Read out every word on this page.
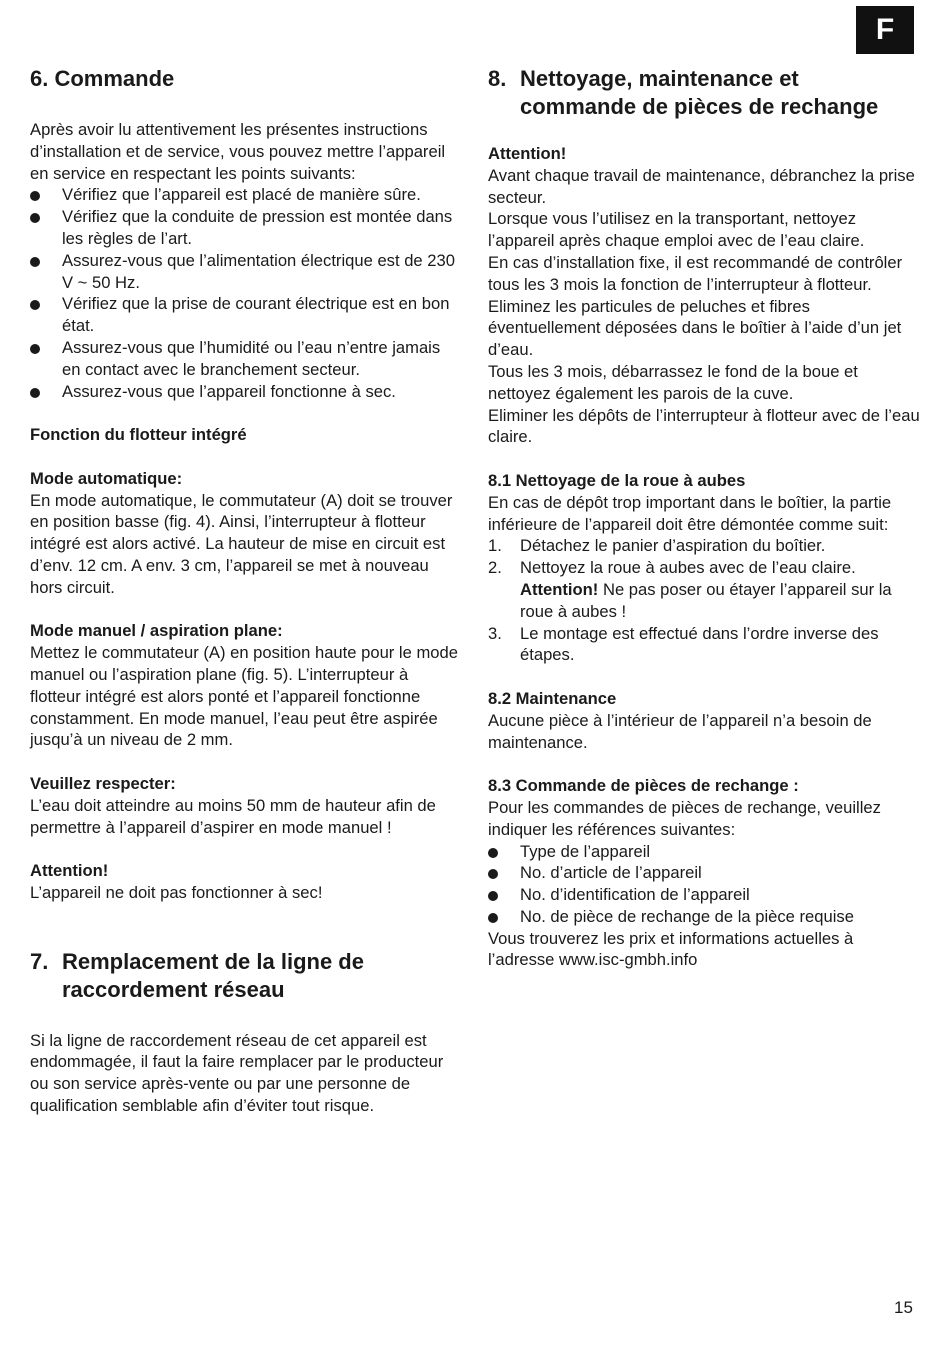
F
6. Commande

Après avoir lu attentivement les présentes instructions d’installation et de service, vous pouvez mettre l’appareil en service en respectant les points suivants:

Vérifiez que l’appareil est placé de manière sûre.
Vérifiez que la conduite de pression est montée dans les règles de l’art.
Assurez-vous que l’alimentation électrique est de 230 V ~ 50 Hz.
Vérifiez que la prise de courant électrique est en bon état.
Assurez-vous que l’humidité ou l’eau n’entre jamais en contact avec le branchement secteur.
Assurez-vous que l’appareil fonctionne à sec.

Fonction du flotteur intégré

Mode automatique:

En mode automatique, le commutateur (A) doit se trouver en position basse (fig. 4). Ainsi, l’interrupteur à flotteur intégré est alors activé. La hauteur de mise en circuit est d’env. 12 cm. A env. 3 cm, l’appareil se met à nouveau hors circuit.

Mode manuel / aspiration plane:

Mettez le commutateur (A) en position haute pour le mode manuel ou l’aspiration plane (fig. 5). L’interrupteur à flotteur intégré est alors ponté et l’appareil fonctionne constamment. En mode manuel, l’eau peut être aspirée jusqu’à un niveau de 2 mm.

Veuillez respecter:

L’eau doit atteindre au moins 50 mm de hauteur afin de permettre à l’appareil d’aspirer en mode manuel !

Attention!

L’appareil ne doit pas fonctionner à sec!

7. Remplacement de la ligne de raccordement réseau

Si la ligne de raccordement réseau de cet appareil est endommagée, il faut la faire remplacer par le producteur ou son service après-vente ou par une personne de qualification semblable afin d’éviter tout risque.

8. Nettoyage, maintenance et commande de pièces de rechange

Attention!

Avant chaque travail de maintenance, débranchez la prise secteur.

Lorsque vous l’utilisez en la transportant, nettoyez l’appareil après chaque emploi avec de l’eau claire.

En cas d’installation fixe, il est recommandé de contrôler tous les 3 mois la fonction de l’interrupteur à flotteur.

Eliminez les particules de peluches et fibres éventuellement déposées dans le boîtier à l’aide d’un jet d’eau.

Tous les 3 mois, débarrassez le fond de la boue et nettoyez également les parois de la cuve.

Eliminer les dépôts de l’interrupteur à flotteur avec de l’eau claire.

8.1 Nettoyage de la roue à aubes

En cas de dépôt trop important dans le boîtier, la partie inférieure de l’appareil doit être démontée comme suit:

1.	Détachez le panier d’aspiration du boîtier.
2.	Nettoyez la roue à aubes avec de l’eau claire.
Attention! Ne pas poser ou étayer l’appareil sur la roue à aubes !
3.	Le montage est effectué dans l’ordre inverse des étapes.

8.2 Maintenance

Aucune pièce à l’intérieur de l’appareil n’a besoin de maintenance.

8.3 Commande de pièces de rechange :

Pour les commandes de pièces de rechange, veuillez indiquer les références suivantes:

Type de l’appareil
No. d’article de l’appareil
No. d’identification de l’appareil
No. de pièce de rechange de la pièce requise

Vous trouverez les prix et informations actuelles à l’adresse www.isc-gmbh.info

15
